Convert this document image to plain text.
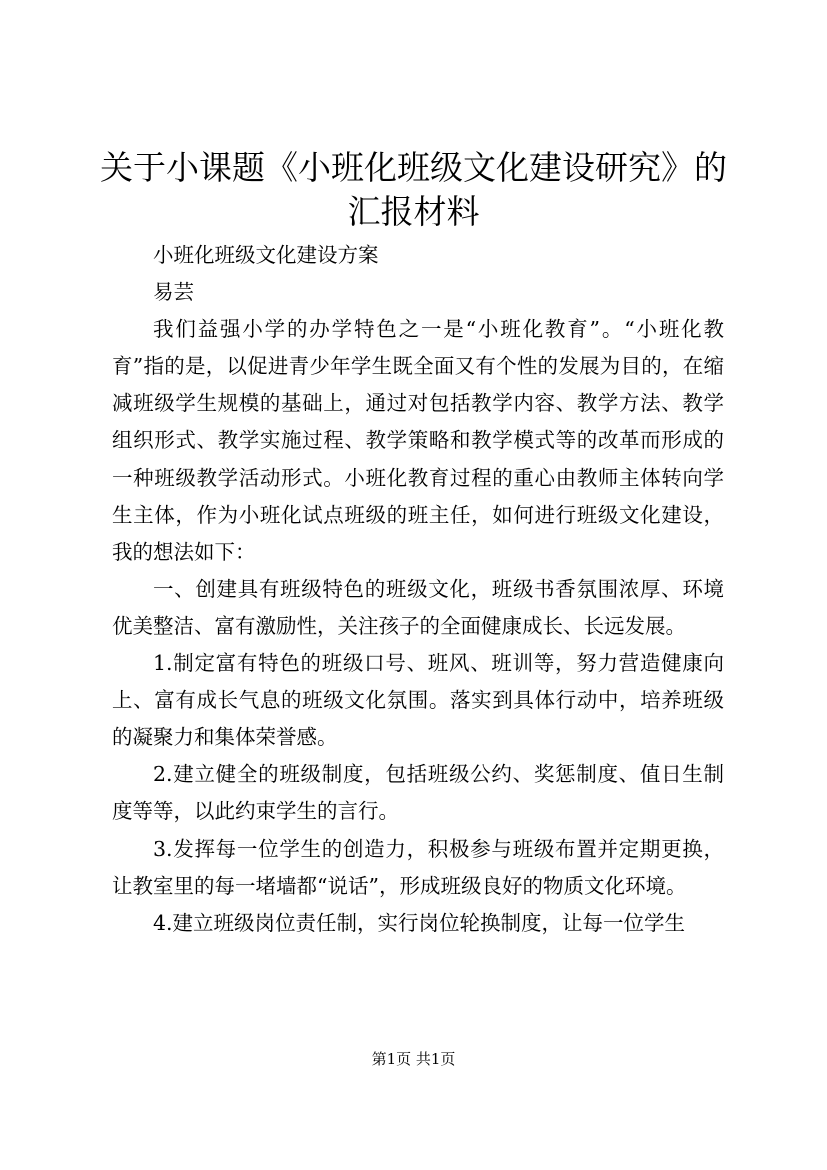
关于小课题《小班化班级文化建设研究》的汇报材料

小班化班级文化建设方案

易芸

我们益强小学的办学特色之一是“小班化教育”。“小班化教育”指的是，以促进青少年学生既全面又有个性的发展为目的，在缩减班级学生规模的基础上，通过对包括教学内容、教学方法、教学组织形式、教学实施过程、教学策略和教学模式等的改革而形成的一种班级教学活动形式。小班化教育过程的重心由教师主体转向学生主体，作为小班化试点班级的班主任，如何进行班级文化建设，我的想法如下：

一、创建具有班级特色的班级文化，班级书香氛围浓厚、环境优美整洁、富有激励性，关注孩子的全面健康成长、长远发展。

1.制定富有特色的班级口号、班风、班训等，努力营造健康向上、富有成长气息的班级文化氛围。落实到具体行动中，培养班级的凝聚力和集体荣誉感。

2.建立健全的班级制度，包括班级公约、奖惩制度、值日生制度等等，以此约束学生的言行。

3.发挥每一位学生的创造力，积极参与班级布置并定期更换，让教室里的每一堵墙都“说话”，形成班级良好的物质文化环境。

4.建立班级岗位责任制，实行岗位轮换制度，让每一位学生

第1页 共1页
